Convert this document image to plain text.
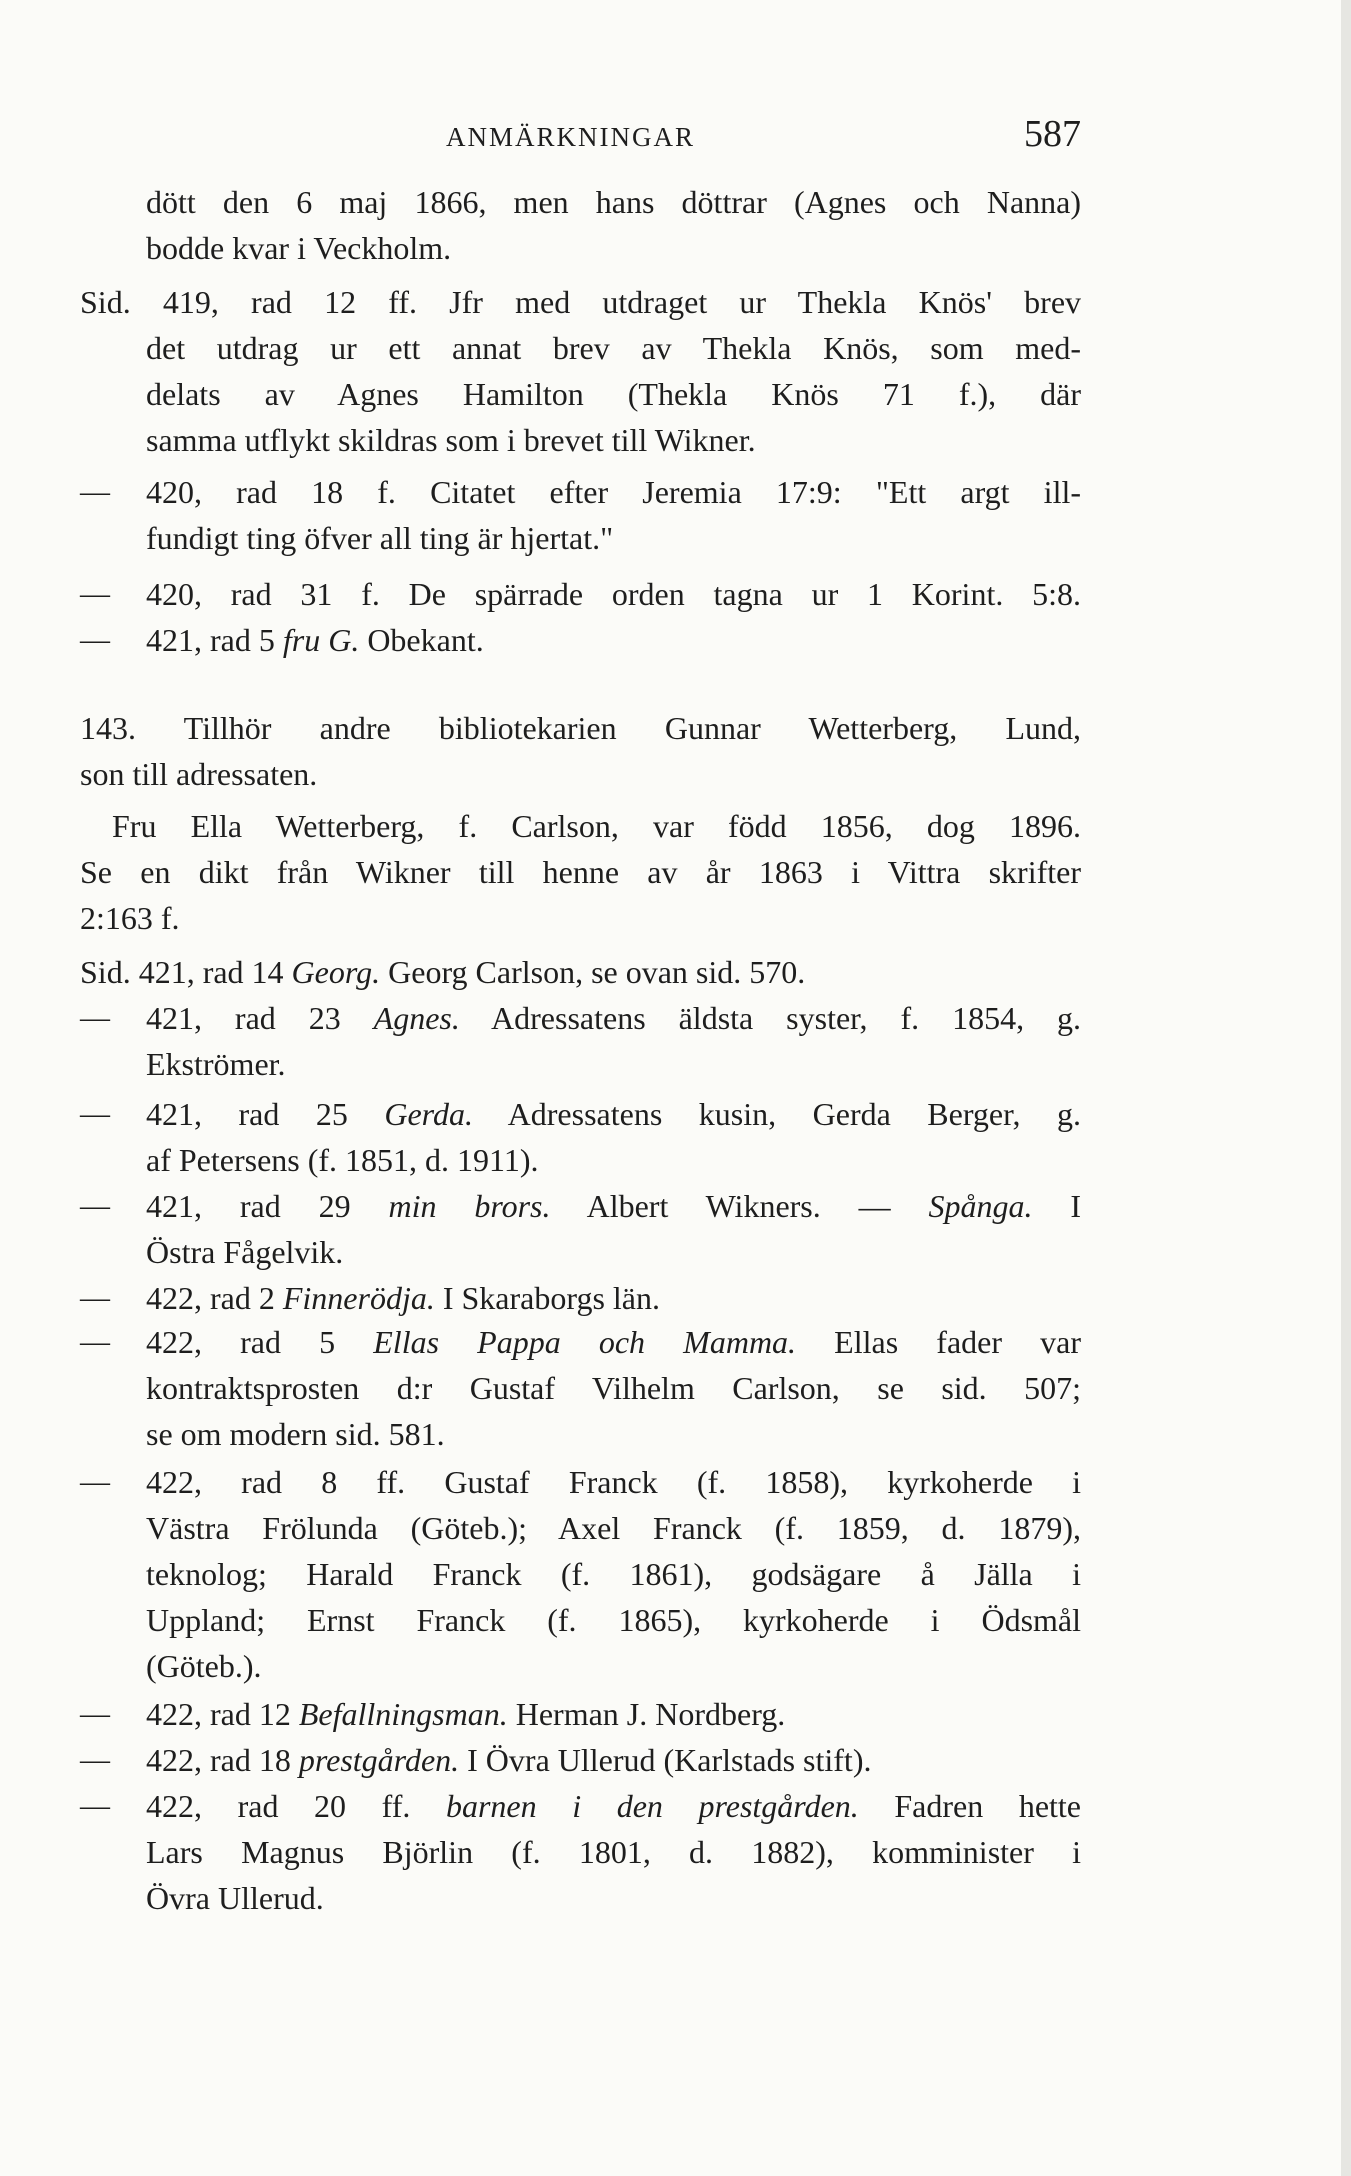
ANMÄRKNINGAR	587
dött den 6 maj 1866, men hans döttrar (Agnes och Nanna)
bodde kvar i Veckholm.
Sid. 419, rad 12 ff. Jfr med utdraget ur Thekla Knös' brev
det utdrag ur ett annat brev av Thekla Knös, som med-
delats av Agnes Hamilton (Thekla Knös 71 f.), där
samma utflykt skildras som i brevet till Wikner.
—	420, rad 18 f. Citatet efter Jeremia 17:9: "Ett argt ill-
fundigt ting öfver all ting är hjertat."
—	420, rad 31 f. De spärrade orden tagna ur 1 Korint. 5:8.
—	421, rad 5 fru G. Obekant.
143. Tillhör andre bibliotekarien Gunnar Wetterberg, Lund,
son till adressaten.
Fru Ella Wetterberg, f. Carlson, var född 1856, dog 1896.
Se en dikt från Wikner till henne av år 1863 i Vittra skrifter
2:163 f.
Sid. 421, rad 14 Georg. Georg Carlson, se ovan sid. 570.
—	421, rad 23 Agnes. Adressatens äldsta syster, f. 1854, g.
Ekströmer.
—	421, rad 25 Gerda. Adressatens kusin, Gerda Berger, g.
af Petersens (f. 1851, d. 1911).
—	421, rad 29 min brors. Albert Wikners. — Spånga. I
Östra Fågelvik.
—	422, rad 2 Finnerödja. I Skaraborgs län.
—	422, rad 5 Ellas Pappa och Mamma. Ellas fader var
kontraktsprosten d:r Gustaf Vilhelm Carlson, se sid. 507;
se om modern sid. 581.
—	422, rad 8 ff. Gustaf Franck (f. 1858), kyrkoherde i
Västra Frölunda (Göteb.); Axel Franck (f. 1859, d. 1879),
teknolog; Harald Franck (f. 1861), godsägare å Jälla i
Uppland; Ernst Franck (f. 1865), kyrkoherde i Ödsmål
(Göteb.).
—	422, rad 12 Befallningsman. Herman J. Nordberg.
—	422, rad 18 prestgården. I Övra Ullerud (Karlstads stift).
—	422, rad 20 ff. barnen i den prestgården. Fadren hette
Lars Magnus Björlin (f. 1801, d. 1882), komminister i
Övra Ullerud.
